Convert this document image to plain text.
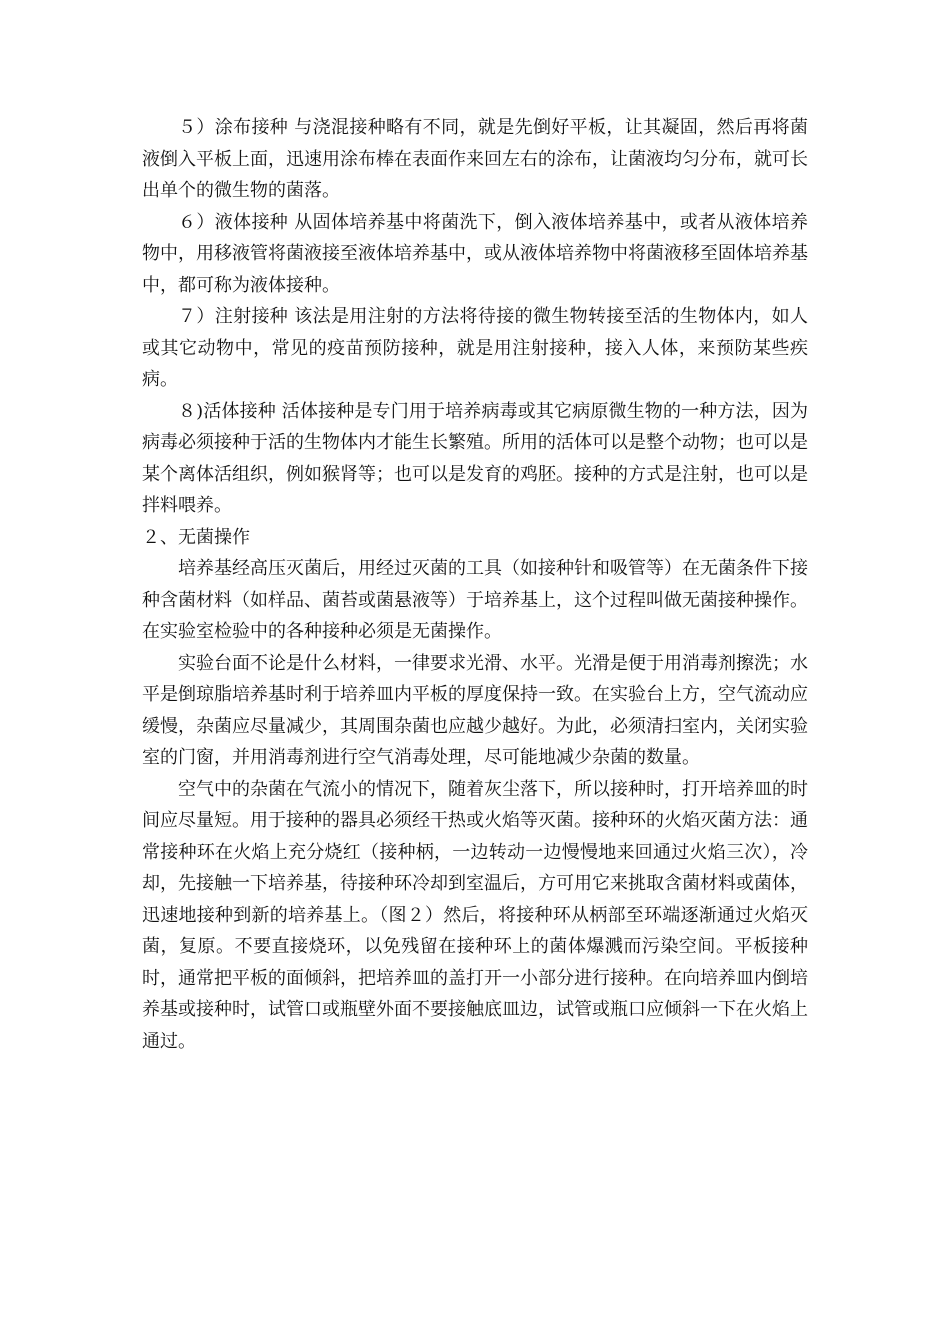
５）涂布接种 与浇混接种略有不同，就是先倒好平板，让其凝固，然后再将菌液倒入平板上面，迅速用涂布棒在表面作来回左右的涂布，让菌液均匀分布，就可长出单个的微生物的菌落。

６）液体接种 从固体培养基中将菌洗下，倒入液体培养基中，或者从液体培养物中，用移液管将菌液接至液体培养基中，或从液体培养物中将菌液移至固体培养基中，都可称为液体接种。

７）注射接种 该法是用注射的方法将待接的微生物转接至活的生物体内，如人或其它动物中，常见的疫苗预防接种，就是用注射接种，接入人体，来预防某些疾病。

８)活体接种 活体接种是专门用于培养病毒或其它病原微生物的一种方法，因为病毒必须接种于活的生物体内才能生长繁殖。所用的活体可以是整个动物；也可以是某个离体活组织，例如猴肾等；也可以是发育的鸡胚。接种的方式是注射，也可以是拌料喂养。

２、无菌操作

培养基经高压灭菌后，用经过灭菌的工具（如接种针和吸管等）在无菌条件下接种含菌材料（如样品、菌苔或菌悬液等）于培养基上，这个过程叫做无菌接种操作。在实验室检验中的各种接种必须是无菌操作。

实验台面不论是什么材料，一律要求光滑、水平。光滑是便于用消毒剂擦洗；水平是倒琼脂培养基时利于培养皿内平板的厚度保持一致。在实验台上方，空气流动应缓慢，杂菌应尽量减少，其周围杂菌也应越少越好。为此，必须清扫室内，关闭实验室的门窗，并用消毒剂进行空气消毒处理，尽可能地减少杂菌的数量。

空气中的杂菌在气流小的情况下，随着灰尘落下，所以接种时，打开培养皿的时间应尽量短。用于接种的器具必须经干热或火焰等灭菌。接种环的火焰灭菌方法：通常接种环在火焰上充分烧红（接种柄，一边转动一边慢慢地来回通过火焰三次），冷却，先接触一下培养基，待接种环冷却到室温后，方可用它来挑取含菌材料或菌体，迅速地接种到新的培养基上。（图２）然后，将接种环从柄部至环端逐渐通过火焰灭菌，复原。不要直接烧环，以免残留在接种环上的菌体爆溅而污染空间。平板接种时，通常把平板的面倾斜，把培养皿的盖打开一小部分进行接种。在向培养皿内倒培养基或接种时，试管口或瓶壁外面不要接触底皿边，试管或瓶口应倾斜一下在火焰上通过。
